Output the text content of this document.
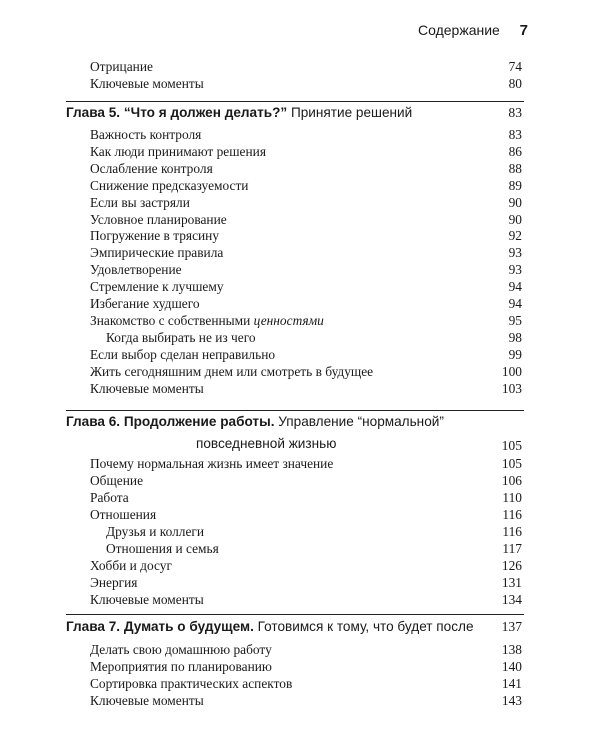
Содержание 7
Отрицание	74
Ключевые моменты	80
Глава 5. “Что я должен делать?” Принятие решений	83
Важность контроля	83
Как люди принимают решения	86
Ослабление контроля	88
Снижение предсказуемости	89
Если вы застряли	90
Условное планирование	90
Погружение в трясину	92
Эмпирические правила	93
Удовлетворение	93
Стремление к лучшему	94
Избегание худшего	94
Знакомство с собственными ценностями	95
Когда выбирать не из чего	98
Если выбор сделан неправильно	99
Жить сегодняшним днем или смотреть в будущее	100
Ключевые моменты	103
Глава 6. Продолжение работы. Управление “нормальной”
повседневной жизнью	105
Почему нормальная жизнь имеет значение	105
Общение	106
Работа	110
Отношения	116
Друзья и коллеги	116
Отношения и семья	117
Хобби и досуг	126
Энергия	131
Ключевые моменты	134
Глава 7. Думать о будущем. Готовимся к тому, что будет после 137
Делать свою домашнюю работу	138
Мероприятия по планированию	140
Сортировка практических аспектов	141
Ключевые моменты	143
